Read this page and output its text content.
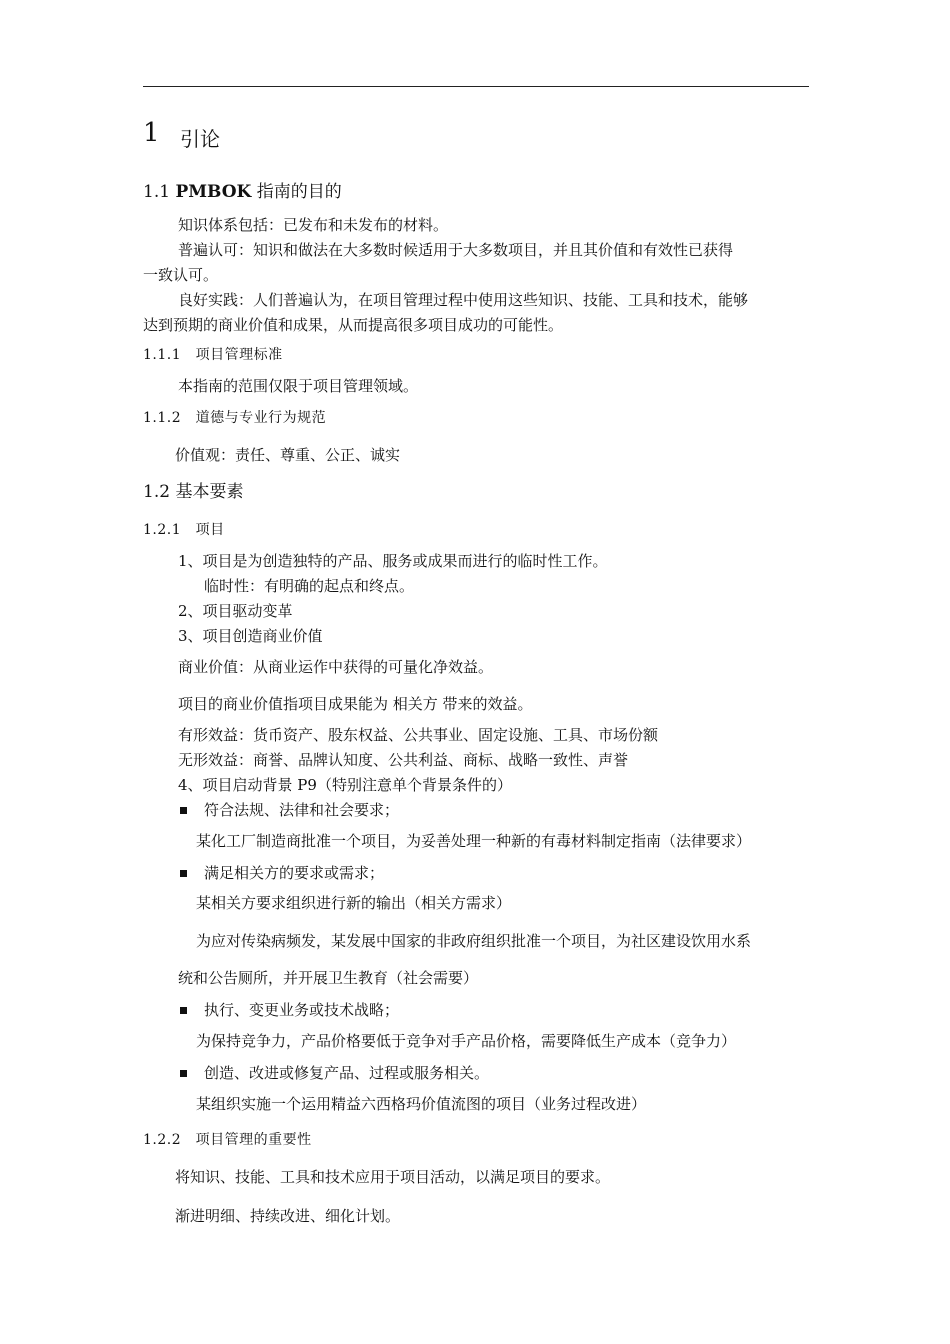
1 引论
1.1 PMBOK 指南的目的
知识体系包括：已发布和未发布的材料。
普遍认可：知识和做法在大多数时候适用于大多数项目，并且其价值和有效性已获得
一致认可。
良好实践：人们普遍认为，在项目管理过程中使用这些知识、技能、工具和技术，能够
达到预期的商业价值和成果，从而提高很多项目成功的可能性。
1.1.1　项目管理标准
本指南的范围仅限于项目管理领域。
1.1.2　道德与专业行为规范
价值观：责任、尊重、公正、诚实
1.2 基本要素
1.2.1　项目
1、项目是为创造独特的产品、服务或成果而进行的临时性工作。
临时性：有明确的起点和终点。
2、项目驱动变革
3、项目创造商业价值
商业价值：从商业运作中获得的可量化净效益。
项目的商业价值指项目成果能为 相关方 带来的效益。
有形效益：货币资产、股东权益、公共事业、固定设施、工具、市场份额
无形效益：商誉、品牌认知度、公共利益、商标、战略一致性、声誉
4、项目启动背景 P9（特别注意单个背景条件的）
符合法规、法律和社会要求；
某化工厂制造商批准一个项目，为妥善处理一种新的有毒材料制定指南（法律要求）
满足相关方的要求或需求；
某相关方要求组织进行新的输出（相关方需求）
为应对传染病频发，某发展中国家的非政府组织批准一个项目，为社区建设饮用水系
统和公告厕所，并开展卫生教育（社会需要）
执行、变更业务或技术战略；
为保持竞争力，产品价格要低于竞争对手产品价格，需要降低生产成本（竞争力）
创造、改进或修复产品、过程或服务相关。
某组织实施一个运用精益六西格玛价值流图的项目（业务过程改进）
1.2.2　项目管理的重要性
将知识、技能、工具和技术应用于项目活动，以满足项目的要求。
渐进明细、持续改进、细化计划。
